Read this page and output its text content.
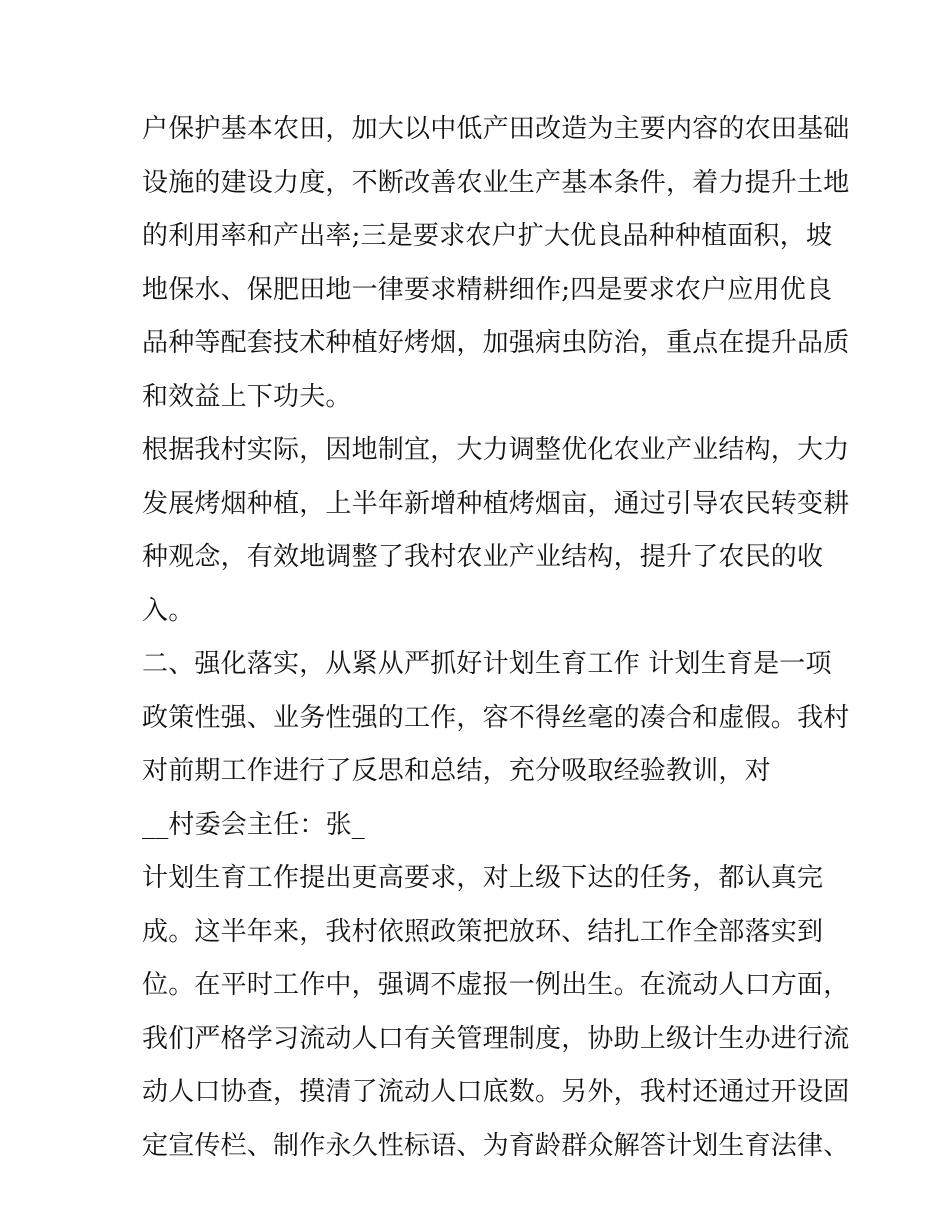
户保护基本农田，加大以中低产田改造为主要内容的农田基础
设施的建设力度，不断改善农业生产基本条件，着力提升土地
的利用率和产出率;三是要求农户扩大优良品种种植面积，坡
地保水、保肥田地一律要求精耕细作;四是要求农户应用优良
品种等配套技术种植好烤烟，加强病虫防治，重点在提升品质
和效益上下功夫。
根据我村实际，因地制宜，大力调整优化农业产业结构，大力
发展烤烟种植，上半年新增种植烤烟亩，通过引导农民转变耕
种观念，有效地调整了我村农业产业结构，提升了农民的收
入。
二、强化落实，从紧从严抓好计划生育工作 计划生育是一项
政策性强、业务性强的工作，容不得丝毫的凑合和虚假。我村
对前期工作进行了反思和总结，充分吸取经验教训，对
__村委会主任：张_
计划生育工作提出更高要求，对上级下达的任务，都认真完
成。这半年来，我村依照政策把放环、结扎工作全部落实到
位。在平时工作中，强调不虚报一例出生。在流动人口方面，
我们严格学习流动人口有关管理制度，协助上级计生办进行流
动人口协查，摸清了流动人口底数。另外，我村还通过开设固
定宣传栏、制作永久性标语、为育龄群众解答计划生育法律、
